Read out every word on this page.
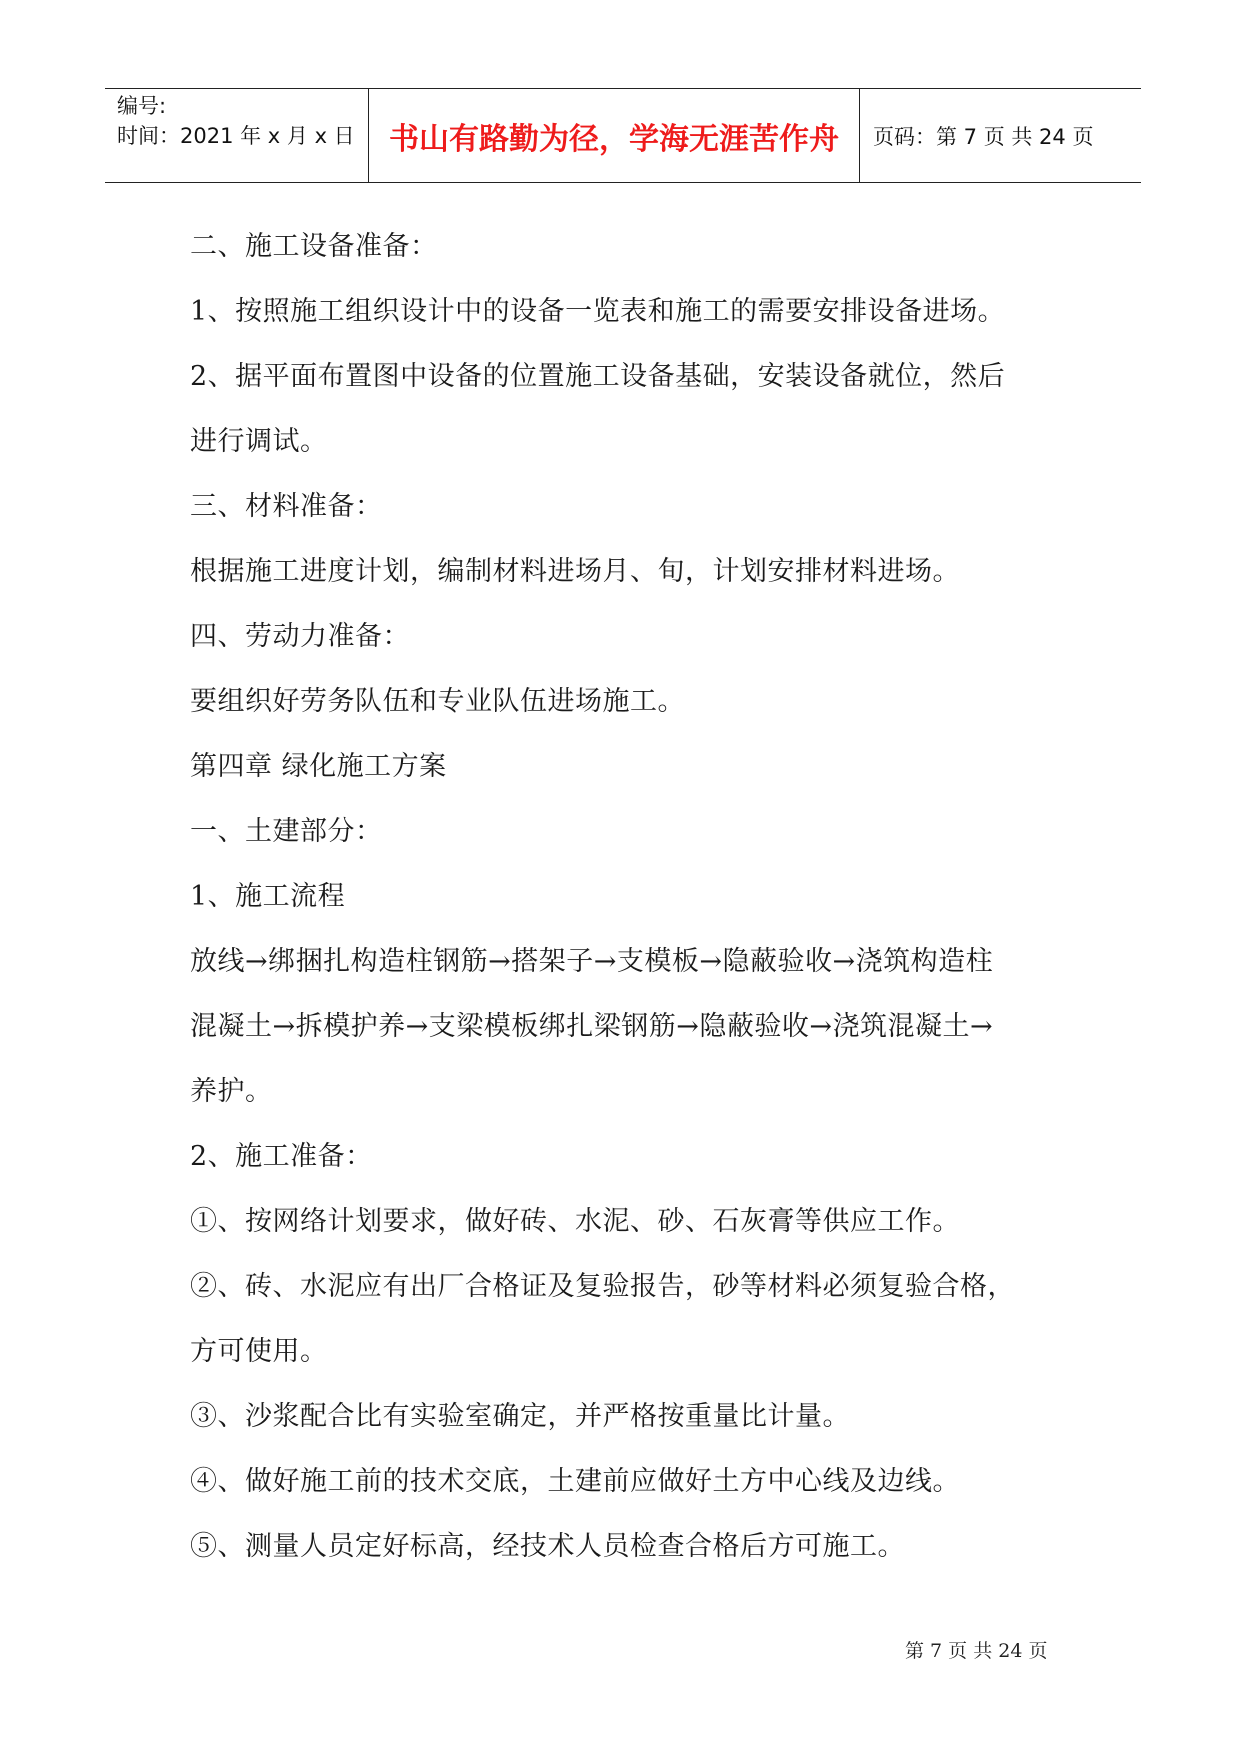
编号:
时间：2021 年 x 月 x 日	书山有路勤为径，学海无涯苦作舟	页码：第 7 页 共 24 页

二、施工设备准备：

1、按照施工组织设计中的设备一览表和施工的需要安排设备进场。

2、据平面布置图中设备的位置施工设备基础，安装设备就位，然后

进行调试。

三、材料准备：

根据施工进度计划，编制材料进场月、旬，计划安排材料进场。

四、劳动力准备：

要组织好劳务队伍和专业队伍进场施工。

第四章 绿化施工方案

一、土建部分：

1、施工流程

放线→绑捆扎构造柱钢筋→搭架子→支模板→隐蔽验收→浇筑构造柱

混凝土→拆模护养→支梁模板绑扎梁钢筋→隐蔽验收→浇筑混凝土→

养护。

2、施工准备：

①、按网络计划要求，做好砖、水泥、砂、石灰膏等供应工作。

②、砖、水泥应有出厂合格证及复验报告，砂等材料必须复验合格，

方可使用。

③、沙浆配合比有实验室确定，并严格按重量比计量。

④、做好施工前的技术交底，土建前应做好土方中心线及边线。

⑤、测量人员定好标高，经技术人员检查合格后方可施工。

第 7 页 共 24 页
